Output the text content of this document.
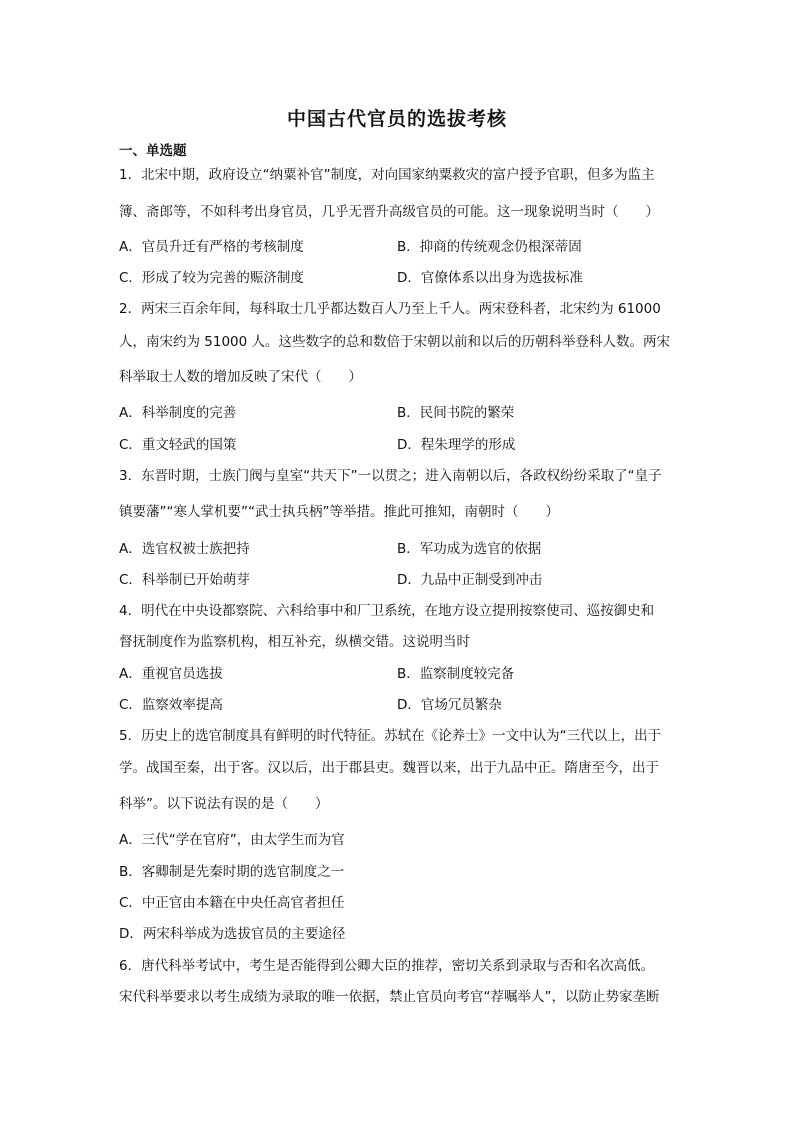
中国古代官员的选拔考核
一、单选题
1．北宋中期，政府设立“纳粟补官”制度，对向国家纳粟救灾的富户授予官职，但多为监主
簿、斋郎等，不如科考出身官员，几乎无晋升高级官员的可能。这一现象说明当时（　　）
A．官员升迁有严格的考核制度	B．抑商的传统观念仍根深蒂固
C．形成了较为完善的赈济制度	D．官僚体系以出身为选拔标准
2．两宋三百余年间，每科取士几乎都达数百人乃至上千人。两宋登科者，北宋约为 61000
人，南宋约为 51000 人。这些数字的总和数倍于宋朝以前和以后的历朝科举登科人数。两宋
科举取士人数的增加反映了宋代（　　）
A．科举制度的完善	B．民间书院的繁荣
C．重文轻武的国策	D．程朱理学的形成
3．东晋时期，士族门阀与皇室“共天下”一以贯之；进入南朝以后，各政权纷纷采取了“皇子
镇要藩”“寒人掌机要”“武士执兵柄”等举措。推此可推知，南朝时（　　）
A．选官权被士族把持	B．军功成为选官的依据
C．科举制已开始萌芽	D．九品中正制受到冲击
4．明代在中央设都察院、六科给事中和厂卫系统，在地方设立提刑按察使司、巡按御史和
督抚制度作为监察机构，相互补充，纵横交错。这说明当时
A．重视官员选拔	B．监察制度较完备
C．监察效率提高	D．官场冗员繁杂
5．历史上的选官制度具有鲜明的时代特征。苏轼在《论养士》一文中认为“三代以上，出于
学。战国至秦，出于客。汉以后，出于郡县吏。魏晋以来，出于九品中正。隋唐至今，出于
科举”。以下说法有误的是（　　）
A．三代“学在官府”，由太学生而为官
B．客卿制是先秦时期的选官制度之一
C．中正官由本籍在中央任高官者担任
D．两宋科举成为选拔官员的主要途径
6．唐代科举考试中，考生是否能得到公卿大臣的推荐，密切关系到录取与否和名次高低。
宋代科举要求以考生成绩为录取的唯一依据，禁止官员向考官“荐嘱举人”，以防止势家垄断
